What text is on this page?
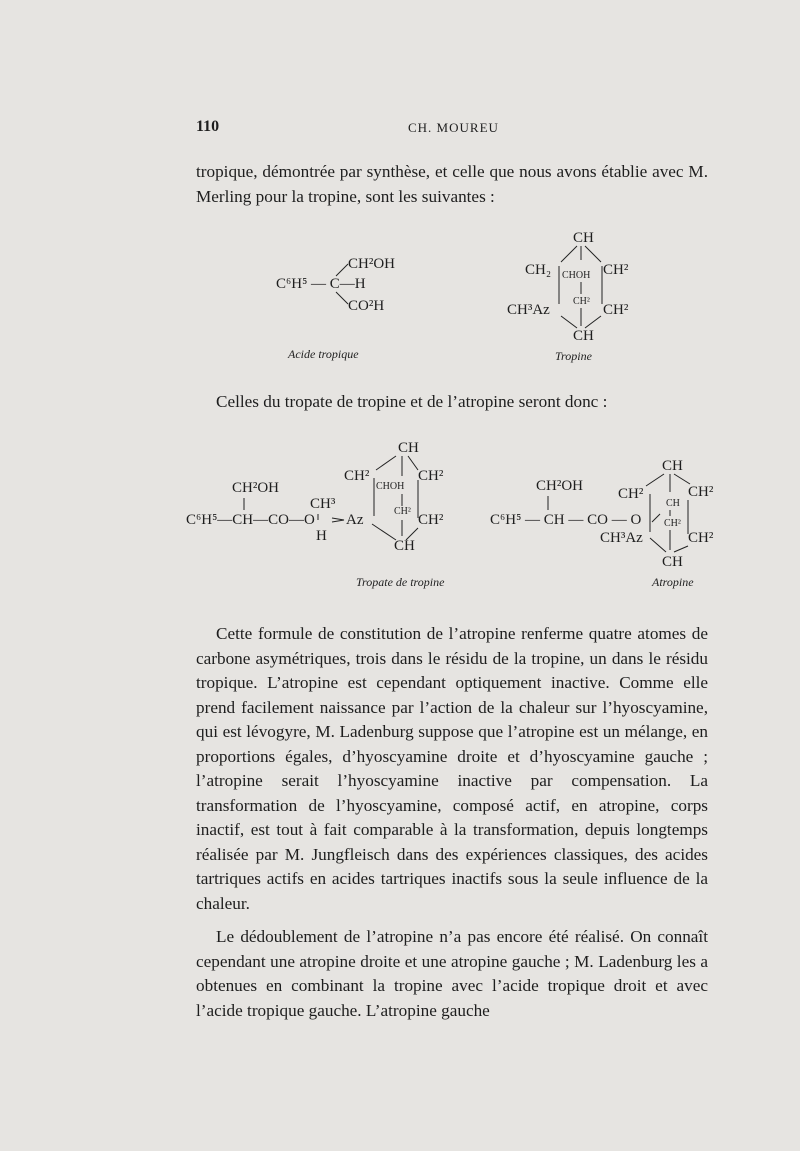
110	CH. MOUREU

tropique, démontrée par synthèse, et celle que nous avons établie avec M. Merling pour la tropine, sont les suivantes :

C⁶H⁵ — C—H
CH²OH
CO²H
Acide tropique
CH
CH₂	CH²
CHOH
CH²
CH³Az	CH²
CH
Tropine

Celles du tropate de tropine et de l’atropine seront donc :

CH
CH²	CH²
CHOH
CH²
CH²OH
CH³
C⁶H⁵—CH—CO—O Az	CH²
H
CH
Tropate de tropine
CH
CH²OH CH²	CH²
CH
C⁶H⁵ — CH — CO — O CH²
CH³Az	CH²
CH
Atropine

Cette formule de constitution de l’atropine renferme quatre atomes de carbone asymétriques, trois dans le résidu de la tropine, un dans le résidu tropique. L’atropine est cependant optiquement inactive. Comme elle prend facilement naissance par l’action de la chaleur sur l’hyoscyamine, qui est lévogyre, M. Ladenburg suppose que l’atropine est un mélange, en proportions égales, d’hyoscyamine droite et d’hyoscyamine gauche ; l’atropine serait l’hyoscyamine inactive par compensation. La transformation de l’hyoscyamine, composé actif, en atropine, corps inactif, est tout à fait comparable à la transformation, depuis longtemps réalisée par M. Jungfleisch dans des expériences classiques, des acides tartriques actifs en acides tartriques inactifs sous la seule influence de la chaleur.

Le dédoublement de l’atropine n’a pas encore été réalisé. On connaît cependant une atropine droite et une atropine gauche ; M. Ladenburg les a obtenues en combinant la tropine avec l’acide tropique droit et avec l’acide tropique gauche. L’atropine gauche
